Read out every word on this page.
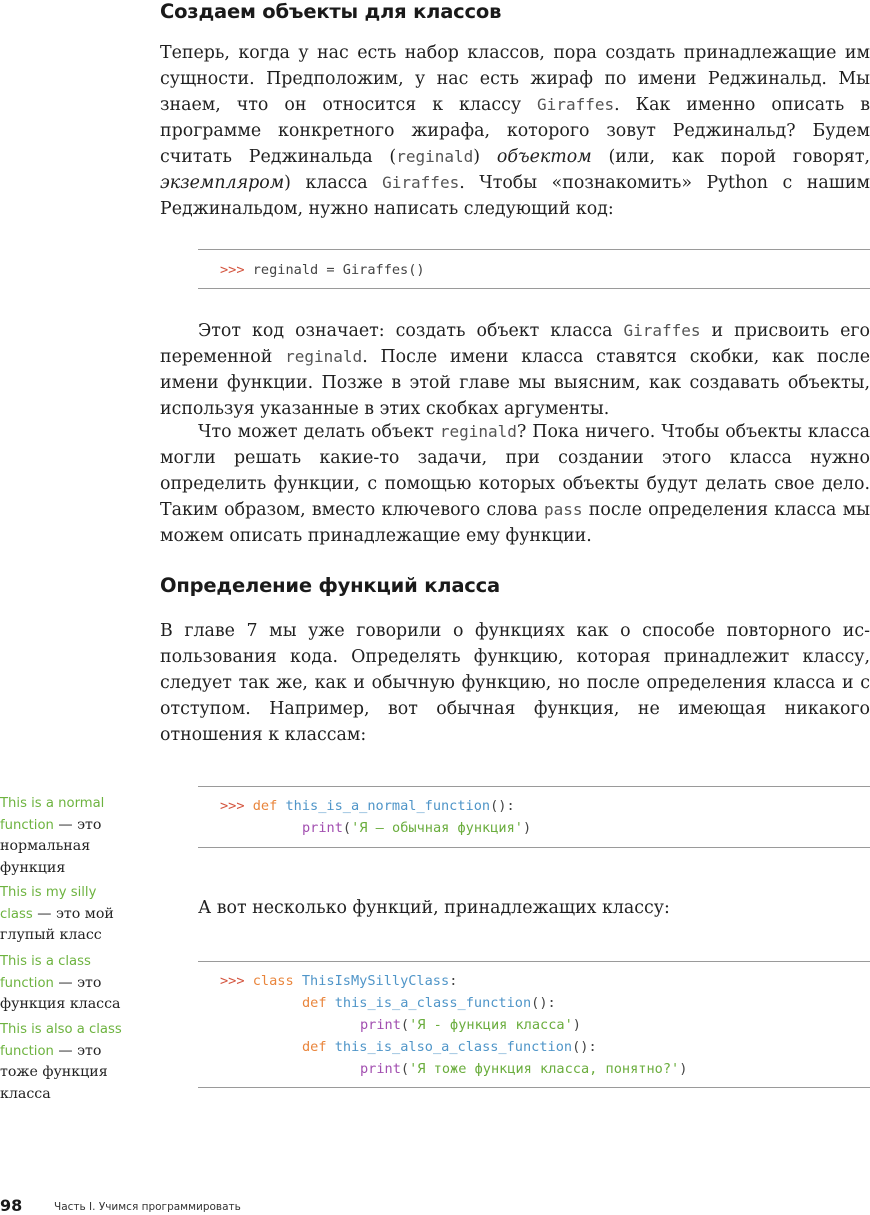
Создаем объекты для классов
Теперь, когда у нас есть набор классов, пора создать принадлежащие им сущности. Предположим, у нас есть жираф по имени Реджинальд. Мы знаем, что он относится к классу Giraffes. Как именно описать в программе конкретного жирафа, которого зовут Реджинальд? Будем считать Реджинальда (reginald) объектом (или, как порой говорят, экземпляром) класса Giraffes. Чтобы «познакомить» Python с нашим Реджинальдом, нужно написать следующий код:
>>> reginald = Giraffes()
Этот код означает: создать объект класса Giraffes и присвоить его переменной reginald. После имени класса ставятся скобки, как после имени функции. Позже в этой главе мы выясним, как создавать объекты, используя указанные в этих скобках аргументы.
Что может делать объект reginald? Пока ничего. Чтобы объекты класса могли решать какие-то задачи, при создании этого класса нужно определить функции, с помощью которых объекты будут делать свое дело. Таким образом, вместо ключевого слова pass после определения класса мы можем описать принадлежащие ему функции.
Определение функций класса
В главе 7 мы уже говорили о функциях как о способе повторного использования кода. Определять функцию, которая принадлежит классу, следует так же, как и обычную функцию, но после определения класса и с отступом. Например, вот обычная функция, не имеющая никакого отношения к классам:
>>> def this_is_a_normal_function():
print('Я — обычная функция')
А вот несколько функций, принадлежащих классу:
>>> class ThisIsMySillyClass:
def this_is_a_class_function():
print('Я - функция класса')
def this_is_also_a_class_function():
print('Я тоже функция класса, понятно?')
This is a normal function — это нормальная функция
This is my silly class — это мой глупый класс
This is a class function — это функция класса
This is also a class function — это тоже функция класса
98	Часть I. Учимся программировать
